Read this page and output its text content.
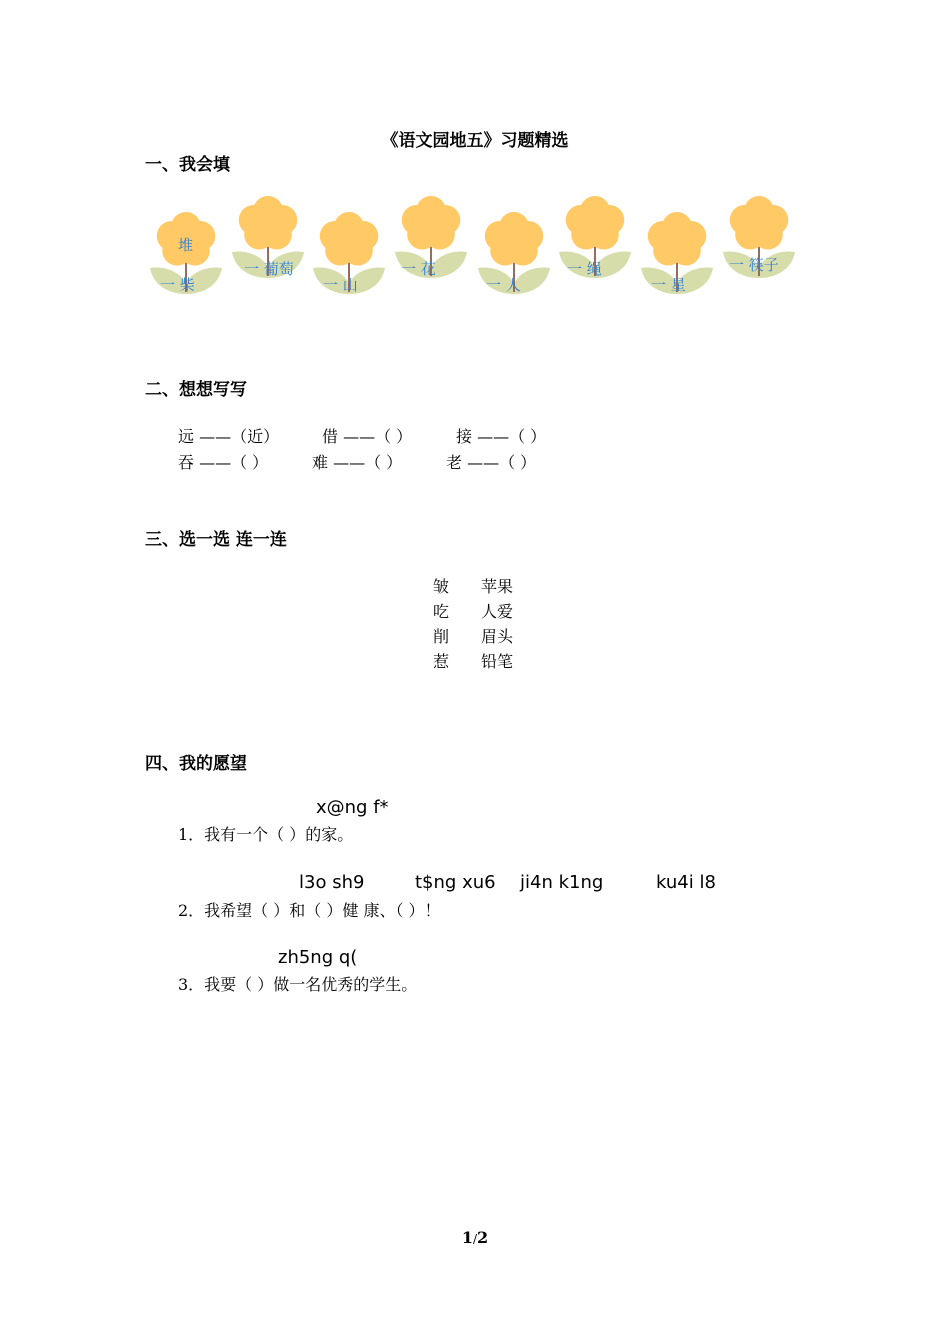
《语文园地五》习题精选
一、我会填
堆
一 柴
一 葡萄
一 山
一 花
一 人
一 绳
一 星
一 筷子
二、想想写写
远 ——（近）	借 ——（ ）	接 ——（ ）
吞 ——（ ）	难 ——（ ）	老 ——（ ）
三、选一选 连一连
皱 苹果
吃 人爱
削 眉头
惹 铅笔
四、我的愿望
x@ng f*
1．我有一个（ ）的家。
l3o sh9	t$ng xu6 ji4n k1ng	ku4i l8
2．我希望（ ）和（ ）健 康、（ ）！
zh5ng q(
3．我要（ ）做一名优秀的学生。
1/2
